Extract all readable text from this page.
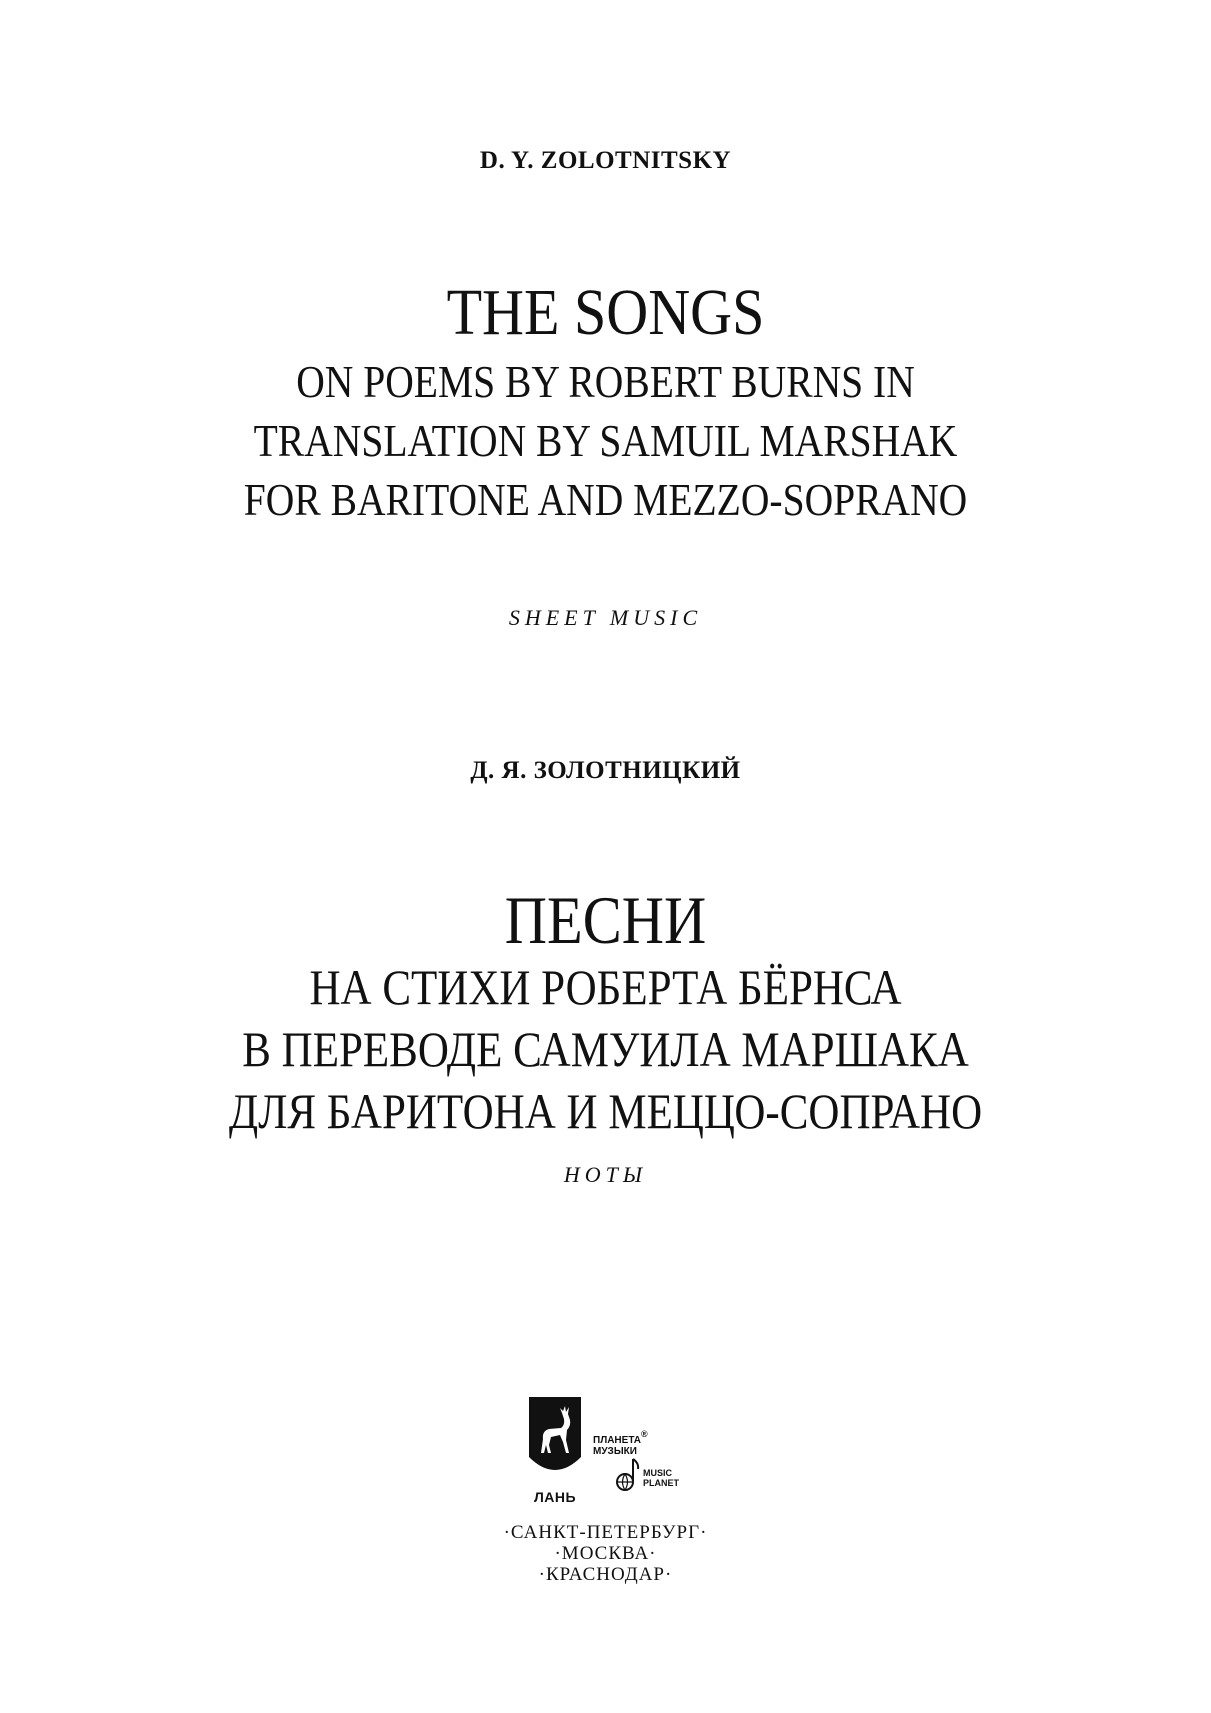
D. Y. ZOLOTNITSKY
THE SONGS
ON POEMS BY ROBERT BURNS IN
TRANSLATION BY SAMUIL MARSHAK
FOR BARITONE AND MEZZO-SOPRANO
SHEET MUSIC
Д. Я. ЗОЛОТНИЦКИЙ
ПЕСНИ
НА СТИХИ РОБЕРТА БЁРНСА
В ПЕРЕВОДЕ САМУИЛА МАРШАКА
ДЛЯ БАРИТОНА И МЕЦЦО-СОПРАНО
НОТЫ
ЛАНЬ
ПЛАНЕТА
МУЗЫКИ
®
MUSIC
PLANET
·САНКТ-ПЕТЕРБУРГ·
·МОСКВА·
·КРАСНОДАР·
